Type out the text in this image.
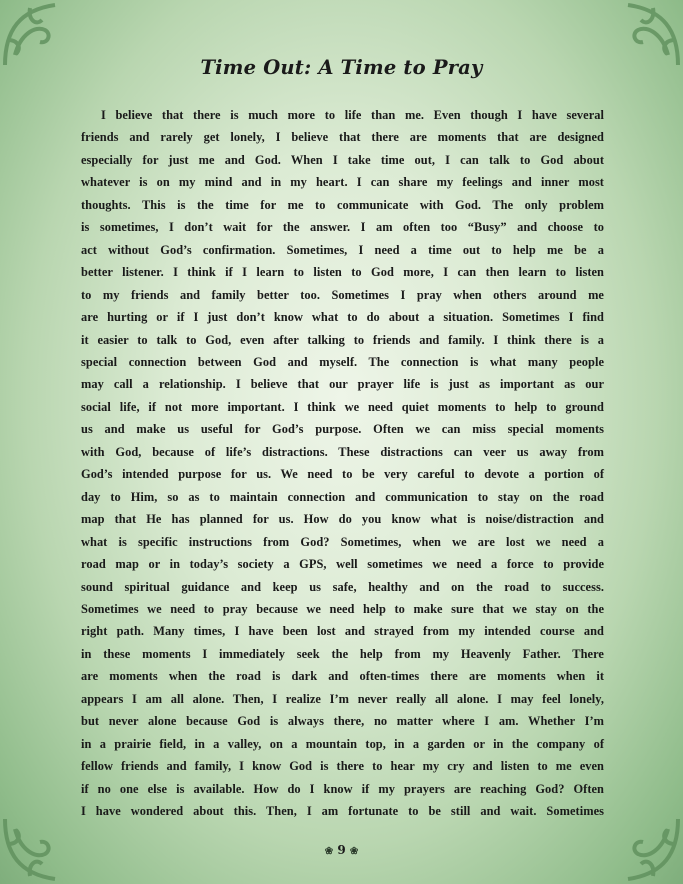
Time Out: A Time to Pray
I believe that there is much more to life than me. Even though I have several
friends and rarely get lonely, I believe that there are moments that are designed
especially for just me and God. When I take time out, I can talk to God about
whatever is on my mind and in my heart. I can share my feelings and inner most
thoughts. This is the time for me to communicate with God. The only problem
is sometimes, I don’t wait for the answer. I am often too “Busy” and choose to
act without God’s confirmation. Sometimes, I need a time out to help me be a
better listener. I think if I learn to listen to God more, I can then learn to listen
to my friends and family better too. Sometimes I pray when others around me
are hurting or if I just don’t know what to do about a situation. Sometimes I find
it easier to talk to God, even after talking to friends and family. I think there is a
special connection between God and myself. The connection is what many people
may call a relationship. I believe that our prayer life is just as important as our
social life, if not more important. I think we need quiet moments to help to ground
us and make us useful for God’s purpose. Often we can miss special moments
with God, because of life’s distractions. These distractions can veer us away from
God’s intended purpose for us. We need to be very careful to devote a portion of
day to Him, so as to maintain connection and communication to stay on the road
map that He has planned for us. How do you know what is noise/distraction and
what is specific instructions from God? Sometimes, when we are lost we need a
road map or in today’s society a GPS, well sometimes we need a force to provide
sound spiritual guidance and keep us safe, healthy and on the road to success.
Sometimes we need to pray because we need help to make sure that we stay on the
right path. Many times, I have been lost and strayed from my intended course and
in these moments I immediately seek the help from my Heavenly Father. There
are moments when the road is dark and often-times there are moments when it
appears I am all alone. Then, I realize I’m never really all alone. I may feel lonely,
but never alone because God is always there, no matter where I am. Whether I’m
in a prairie field, in a valley, on a mountain top, in a garden or in the company of
fellow friends and family, I know God is there to hear my cry and listen to me even
if no one else is available. How do I know if my prayers are reaching God? Often
I have wondered about this. Then, I am fortunate to be still and wait. Sometimes
❀ 9 ❀
